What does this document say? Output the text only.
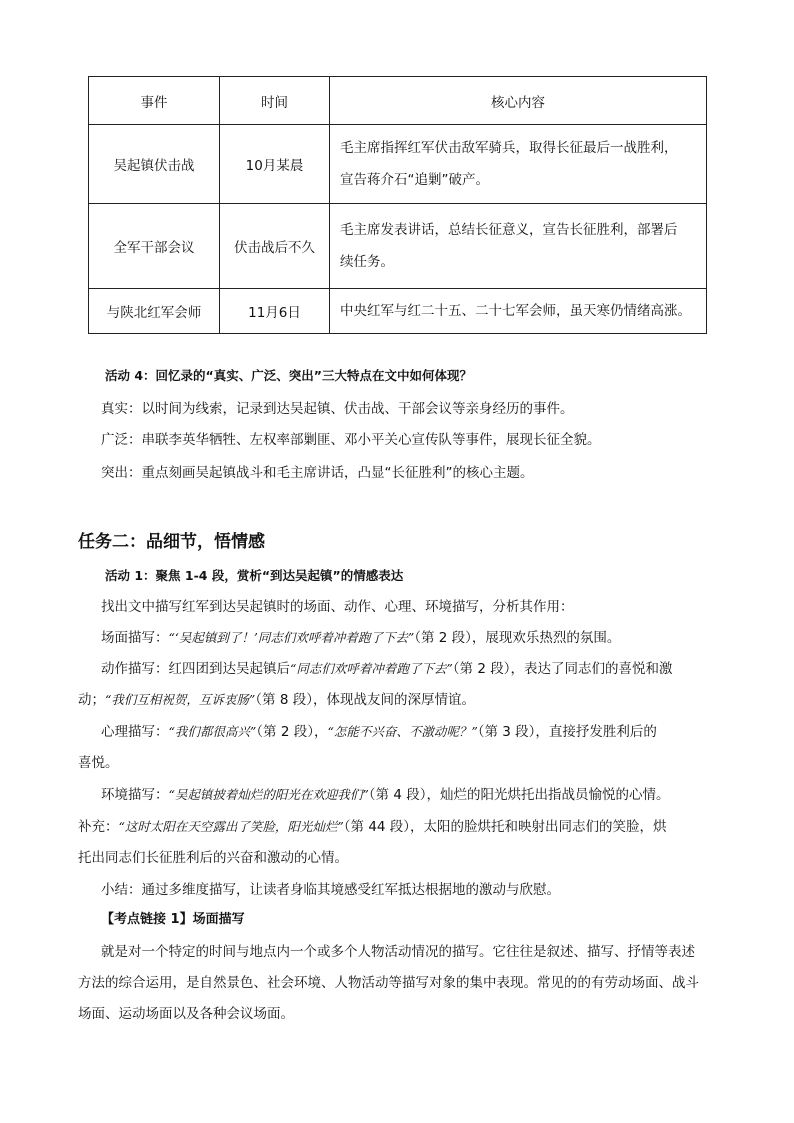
事件	时间	核心内容
吴起镇伏击战	10月某晨	毛主席指挥红军伏击敌军骑兵，取得长征最后一战胜利，
宣告蒋介石“追剿”破产。

全军干部会议	伏击战后不久	毛主席发表讲话，总结长征意义，宣告长征胜利，部署后
续任务。

与陕北红军会师	11月6日	中央红军与红二十五、二十七军会师，虽天寒仍情绪高涨。
活动 4：回忆录的“真实、广泛、突出”三大特点在文中如何体现？
真实：以时间为线索，记录到达吴起镇、伏击战、干部会议等亲身经历的事件。
广泛：串联李英华牺牲、左权率部剿匪、邓小平关心宣传队等事件，展现长征全貌。
突出：重点刻画吴起镇战斗和毛主席讲话，凸显“长征胜利”的核心主题。
任务二：品细节，悟情感
活动 1：聚焦 1-4 段，赏析“到达吴起镇”的情感表达
找出文中描写红军到达吴起镇时的场面、动作、心理、环境描写，分析其作用：
场面描写：“‘吴起镇到了！’同志们欢呼着冲着跑了下去”（第 2 段），展现欢乐热烈的氛围。
动作描写：红四团到达吴起镇后“同志们欢呼着冲着跑了下去”（第 2 段），表达了同志们的喜悦和激
动；“我们互相祝贺，互诉衷肠”（第 8 段），体现战友间的深厚情谊。
心理描写：“我们都很高兴”（第 2 段），“怎能不兴奋、不激动呢？”（第 3 段），直接抒发胜利后的
喜悦。
环境描写：“吴起镇披着灿烂的阳光在欢迎我们”（第 4 段），灿烂的阳光烘托出指战员愉悦的心情。
补充：“这时太阳在天空露出了笑脸，阳光灿烂”（第 44 段），太阳的脸烘托和映射出同志们的笑脸，烘
托出同志们长征胜利后的兴奋和激动的心情。
小结：通过多维度描写，让读者身临其境感受红军抵达根据地的激动与欣慰。
【考点链接 1】场面描写
就是对一个特定的时间与地点内一个或多个人物活动情况的描写。它往往是叙述、描写、抒情等表述
方法的综合运用，是自然景色、社会环境、人物活动等描写对象的集中表现。常见的的有劳动场面、战斗
场面、运动场面以及各种会议场面。
